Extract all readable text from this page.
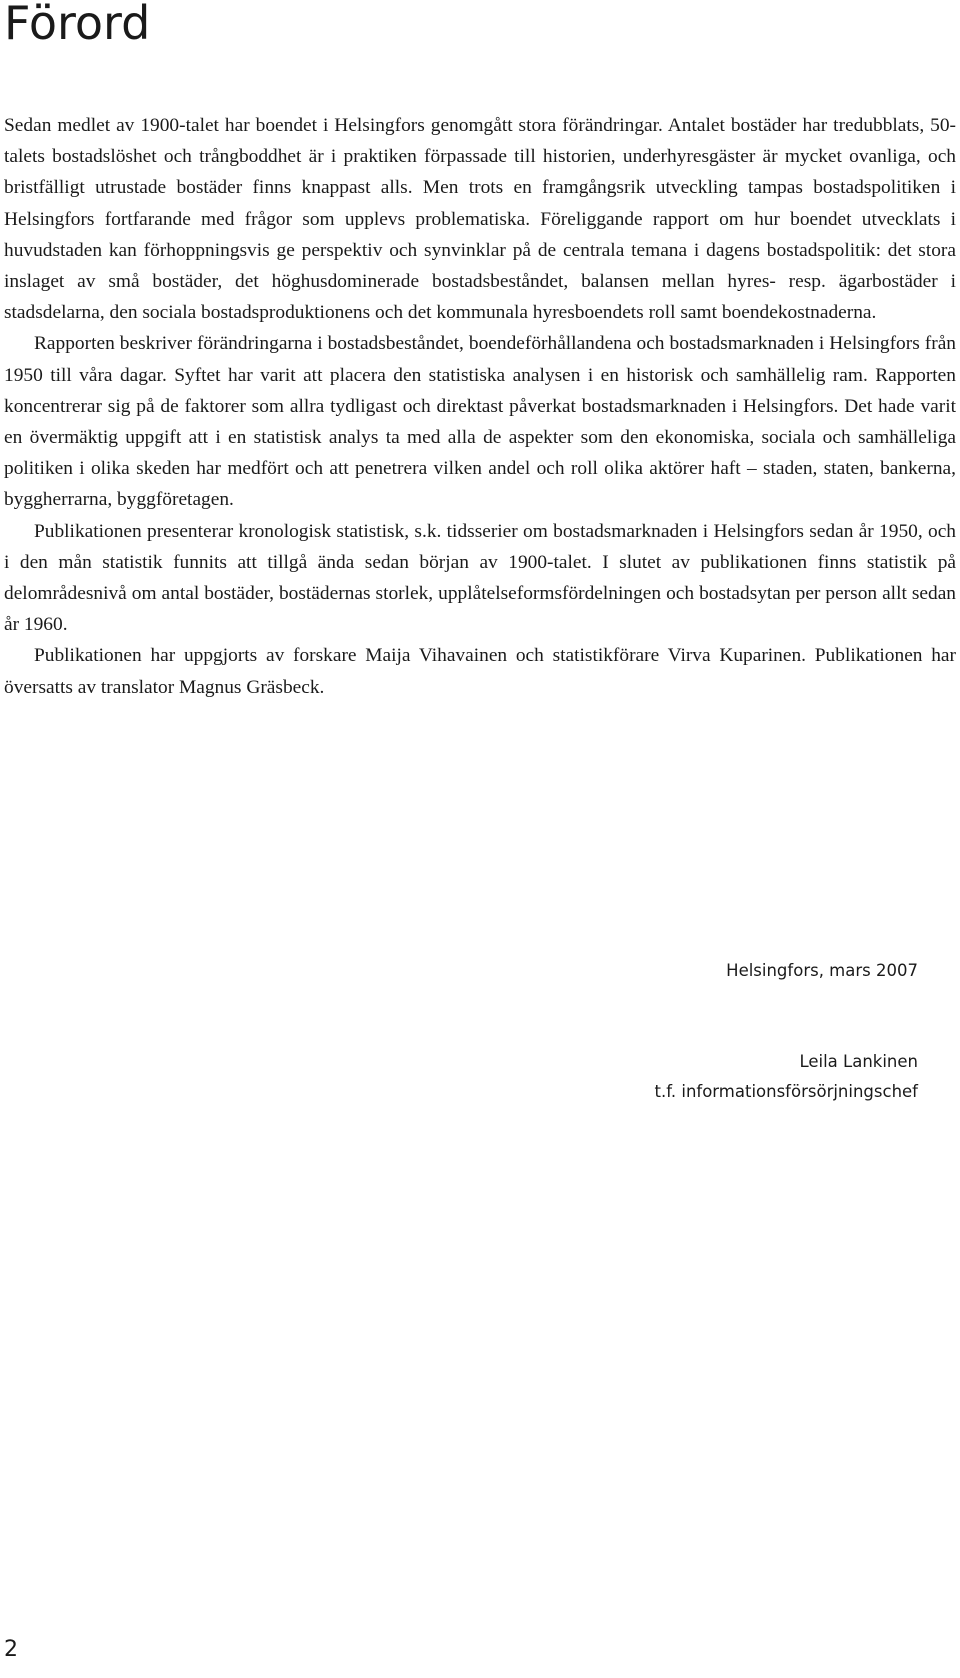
Förord

Sedan medlet av 1900-talet har boendet i Helsingfors genomgått stora förändringar. Antalet bostäder har tredubblats, 50-talets bostadslöshet och trångboddhet är i praktiken förpassade till historien, underhyresgäster är mycket ovanliga, och bristfälligt utrustade bostäder finns knappast alls. Men trots en framgångsrik utveckling tampas bostadspolitiken i Helsingfors fortfarande med frågor som upplevs problematiska. Föreliggande rapport om hur boendet utvecklats i huvudstaden kan förhoppningsvis ge perspektiv och synvinklar på de centrala temana i dagens bostadspolitik: det stora inslaget av små bostäder, det höghusdominerade bostadsbeståndet, balansen mellan hyres- resp. ägarbostäder i stadsdelarna, den sociala bostadsproduktionens och det kommunala hyresboendets roll samt boendekostnaderna.

Rapporten beskriver förändringarna i bostadsbeståndet, boendeförhållandena och bostadsmarknaden i Helsingfors från 1950 till våra dagar. Syftet har varit att placera den statistiska analysen i en historisk och samhällelig ram. Rapporten koncentrerar sig på de faktorer som allra tydligast och direktast påverkat bostadsmarknaden i Helsingfors. Det hade varit en övermäktig uppgift att i en statistisk analys ta med alla de aspekter som den ekonomiska, sociala och samhälleliga politiken i olika skeden har medfört och att penetrera vilken andel och roll olika aktörer haft – staden, staten, bankerna, byggherrarna, byggföretagen.

Publikationen presenterar kronologisk statistisk, s.k. tidsserier om bostadsmarknaden i Helsingfors sedan år 1950, och i den mån statistik funnits att tillgå ända sedan början av 1900-talet. I slutet av publikationen finns statistik på delområdesnivå om antal bostäder, bostädernas storlek, upplåtelseformsfördelningen och bostadsytan per person allt sedan år 1960.

Publikationen har uppgjorts av forskare Maija Vihavainen och statistikförare Virva Kuparinen. Publikationen har översatts av translator Magnus Gräsbeck.

Helsingfors, mars 2007
Leila Lankinen
t.f. informationsförsörjningschef
2
